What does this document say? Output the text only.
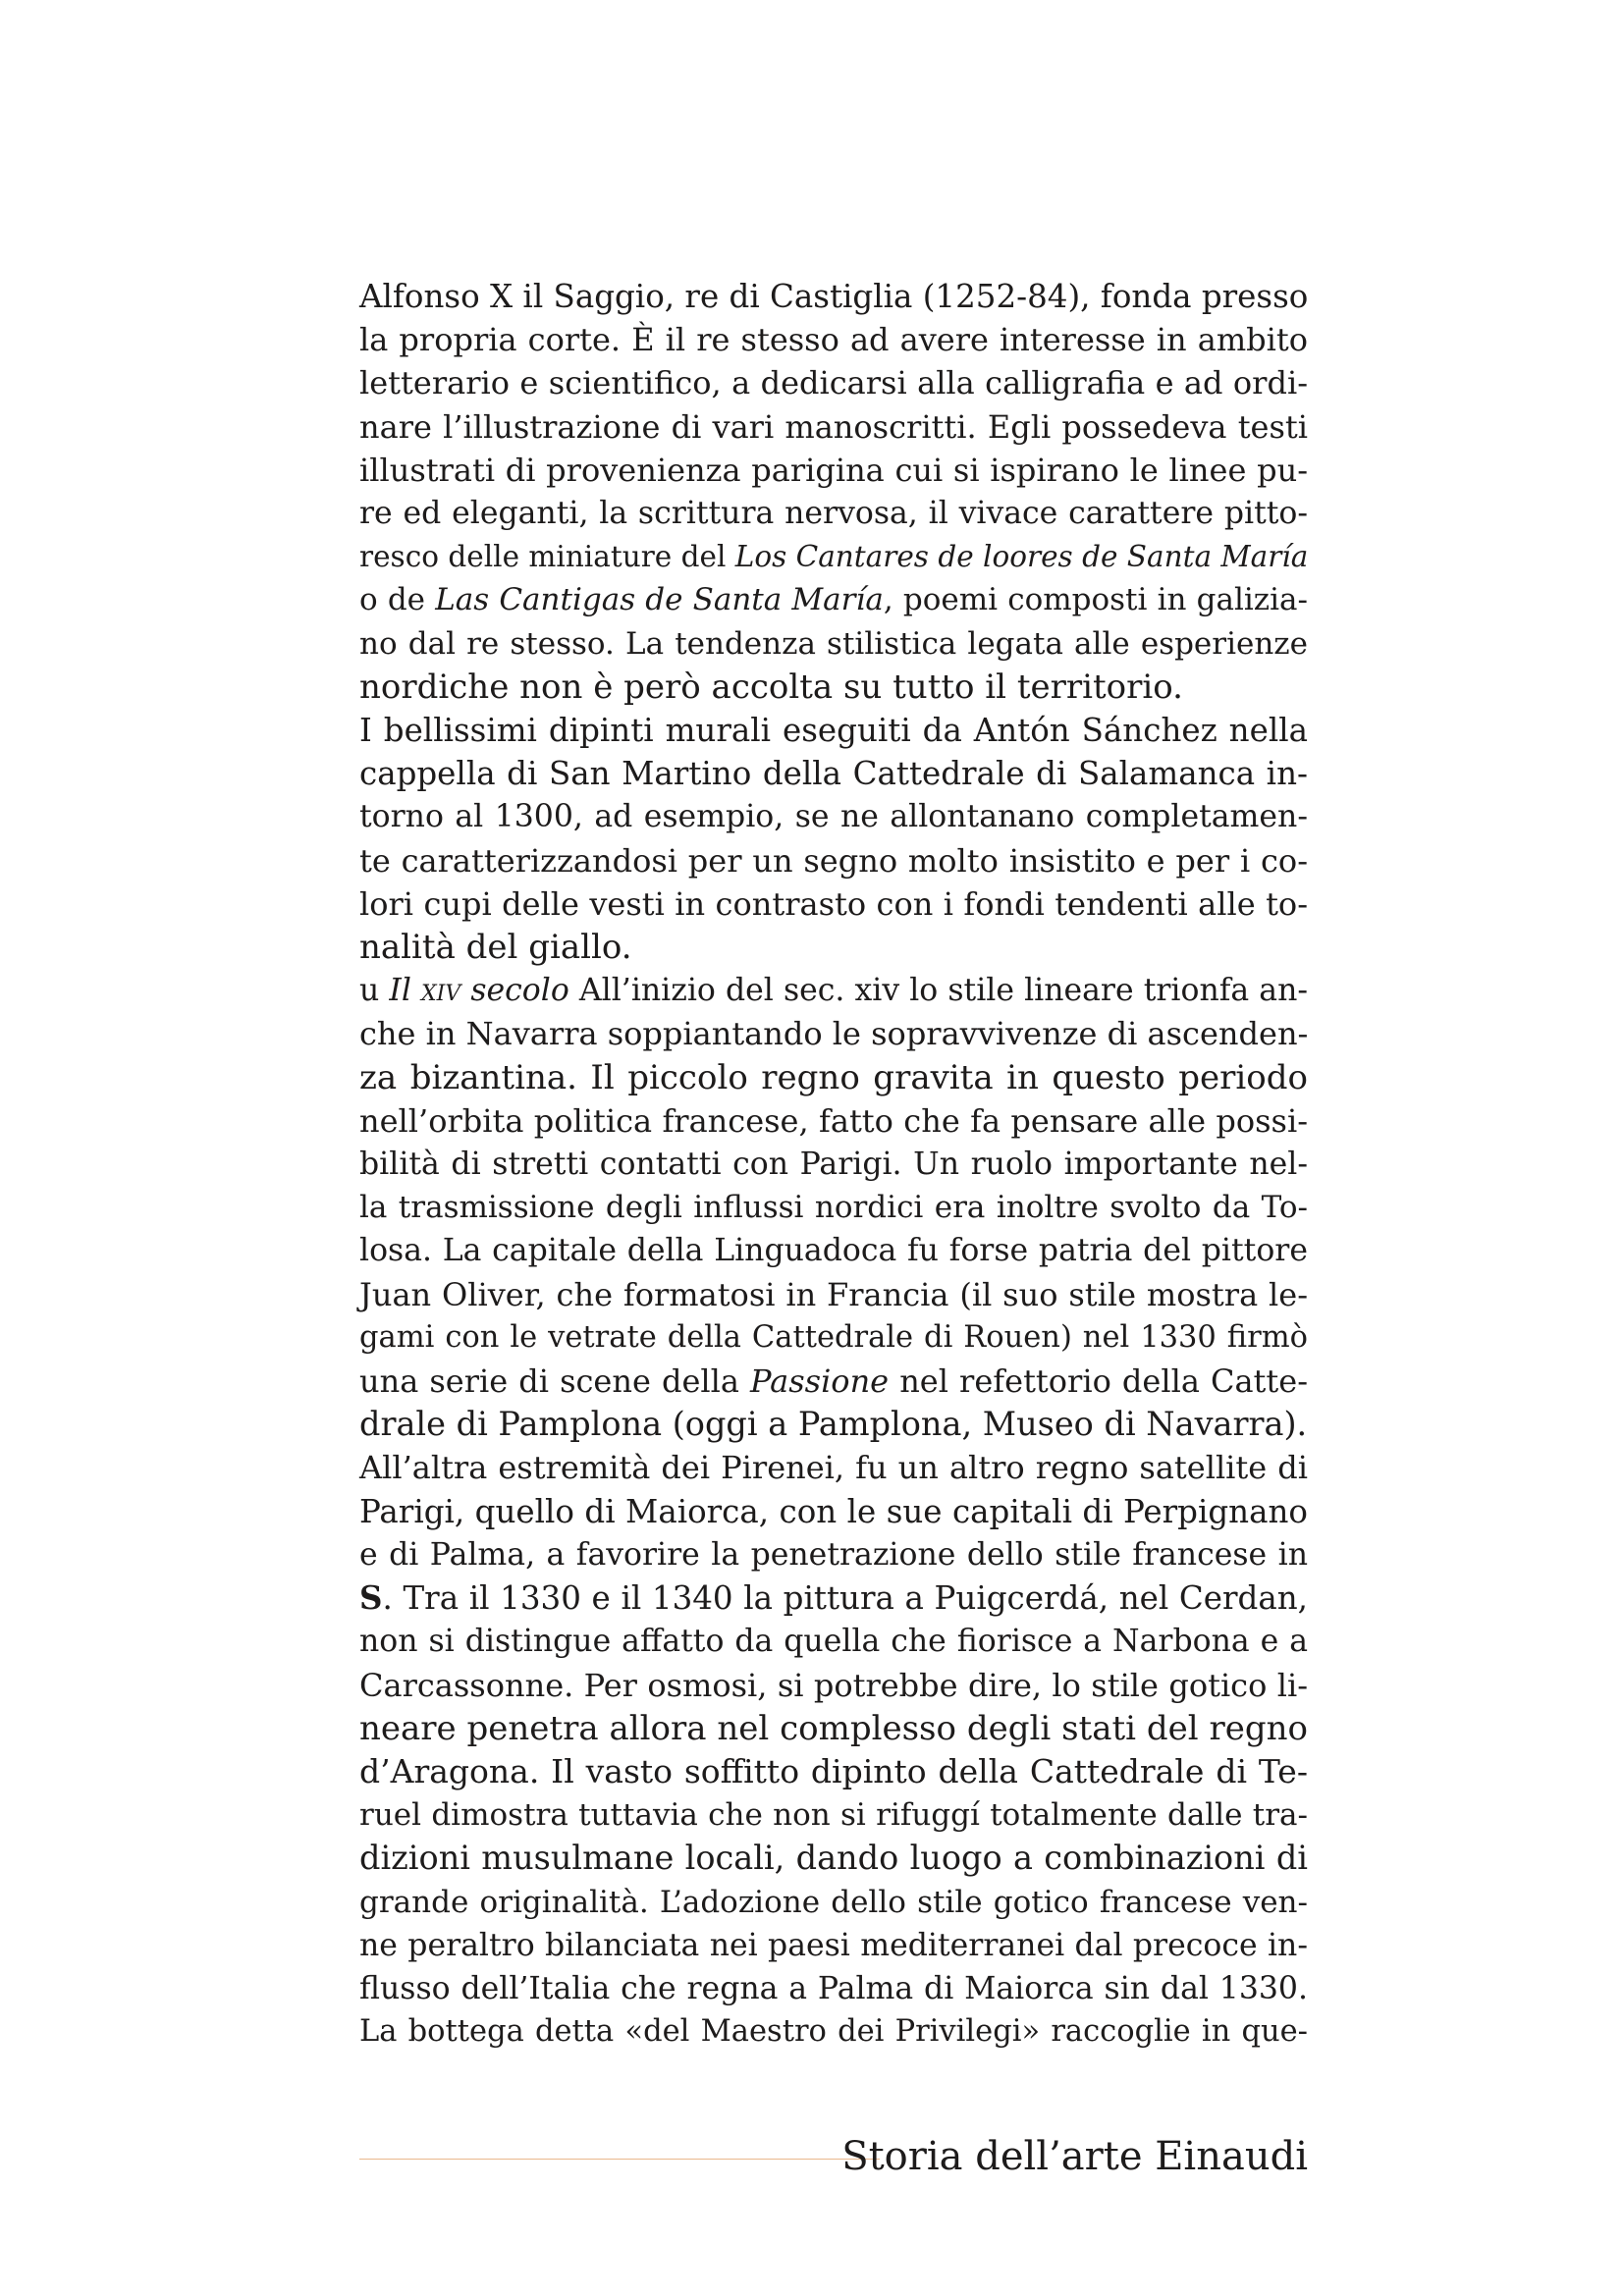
Alfonso X il Saggio, re di Castiglia (1252-84), fonda presso
la propria corte. È il re stesso ad avere interesse in ambito
letterario e scientifico, a dedicarsi alla calligrafia e ad ordi-
nare l’illustrazione di vari manoscritti. Egli possedeva testi
illustrati di provenienza parigina cui si ispirano le linee pu-
re ed eleganti, la scrittura nervosa, il vivace carattere pitto-
resco delle miniature del Los Cantares de loores de Santa María
o de Las Cantigas de Santa María, poemi composti in galizia-
no dal re stesso. La tendenza stilistica legata alle esperienze
nordiche non è però accolta su tutto il territorio.
I bellissimi dipinti murali eseguiti da Antón Sánchez nella
cappella di San Martino della Cattedrale di Salamanca in-
torno al 1300, ad esempio, se ne allontanano completamen-
te caratterizzandosi per un segno molto insistito e per i co-
lori cupi delle vesti in contrasto con i fondi tendenti alle to-
nalità del giallo.
u Il xiv secolo All’inizio del sec. xiv lo stile lineare trionfa an-
che in Navarra soppiantando le sopravvivenze di ascenden-
za bizantina. Il piccolo regno gravita in questo periodo
nell’orbita politica francese, fatto che fa pensare alle possi-
bilità di stretti contatti con Parigi. Un ruolo importante nel-
la trasmissione degli influssi nordici era inoltre svolto da To-
losa. La capitale della Linguadoca fu forse patria del pittore
Juan Oliver, che formatosi in Francia (il suo stile mostra le-
gami con le vetrate della Cattedrale di Rouen) nel 1330 firmò
una serie di scene della Passione nel refettorio della Catte-
drale di Pamplona (oggi a Pamplona, Museo di Navarra).
All’altra estremità dei Pirenei, fu un altro regno satellite di
Parigi, quello di Maiorca, con le sue capitali di Perpignano
e di Palma, a favorire la penetrazione dello stile francese in
S. Tra il 1330 e il 1340 la pittura a Puigcerdá, nel Cerdan,
non si distingue affatto da quella che fiorisce a Narbona e a
Carcassonne. Per osmosi, si potrebbe dire, lo stile gotico li-
neare penetra allora nel complesso degli stati del regno
d’Aragona. Il vasto soffitto dipinto della Cattedrale di Te-
ruel dimostra tuttavia che non si rifuggí totalmente dalle tra-
dizioni musulmane locali, dando luogo a combinazioni di
grande originalità. L’adozione dello stile gotico francese ven-
ne peraltro bilanciata nei paesi mediterranei dal precoce in-
flusso dell’Italia che regna a Palma di Maiorca sin dal 1330.
La bottega detta «del Maestro dei Privilegi» raccoglie in que-
Storia dell’arte Einaudi
